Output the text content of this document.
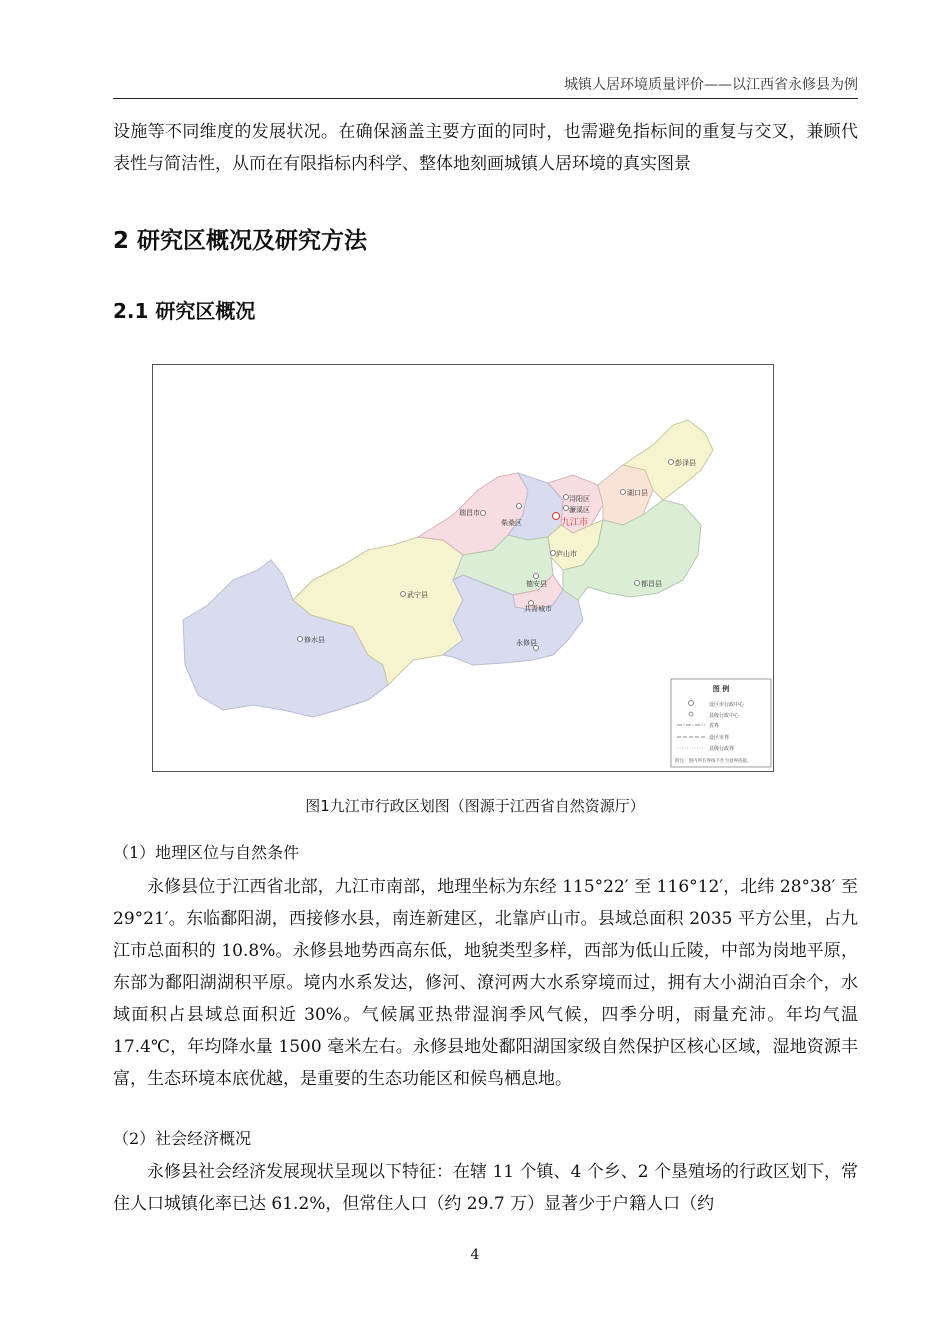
城镇人居环境质量评价——以江西省永修县为例
设施等不同维度的发展状况。在确保涵盖主要方面的同时，也需避免指标间的重复与交叉，兼顾代表性与简洁性，从而在有限指标内科学、整体地刻画城镇人居环境的真实图景
2 研究区概况及研究方法
2.1 研究区概况
彭泽县
瑞昌市
浔阳区
濂溪区
柴桑区	九江市
湖口县
庐山市
德安县
共青城市
都昌县
武宁县
修水县	永修县
图 例
设区市行政中心
县级行政中心
省界
设区市界
县级行政界
附注：图内所有界线不作为划界依据。
图1九江市行政区划图（图源于江西省自然资源厅）
（1）地理区位与自然条件
永修县位于江西省北部，九江市南部，地理坐标为东经 115°22′ 至 116°12′，北纬 28°38′ 至 29°21′。东临鄱阳湖，西接修水县，南连新建区，北靠庐山市。县域总面积 2035 平方公里，占九江市总面积的 10.8%。永修县地势西高东低，地貌类型多样，西部为低山丘陵，中部为岗地平原，东部为鄱阳湖湖积平原。境内水系发达，修河、潦河两大水系穿境而过，拥有大小湖泊百余个，水域面积占县域总面积近 30%。气候属亚热带湿润季风气候，四季分明，雨量充沛。年均气温 17.4℃，年均降水量 1500 毫米左右。永修县地处鄱阳湖国家级自然保护区核心区域，湿地资源丰富，生态环境本底优越，是重要的生态功能区和候鸟栖息地。
（2）社会经济概况
永修县社会经济发展现状呈现以下特征：在辖 11 个镇、4 个乡、2 个垦殖场的行政区划下，常住人口城镇化率已达 61.2%，但常住人口（约 29.7 万）显著少于户籍人口（约
4
